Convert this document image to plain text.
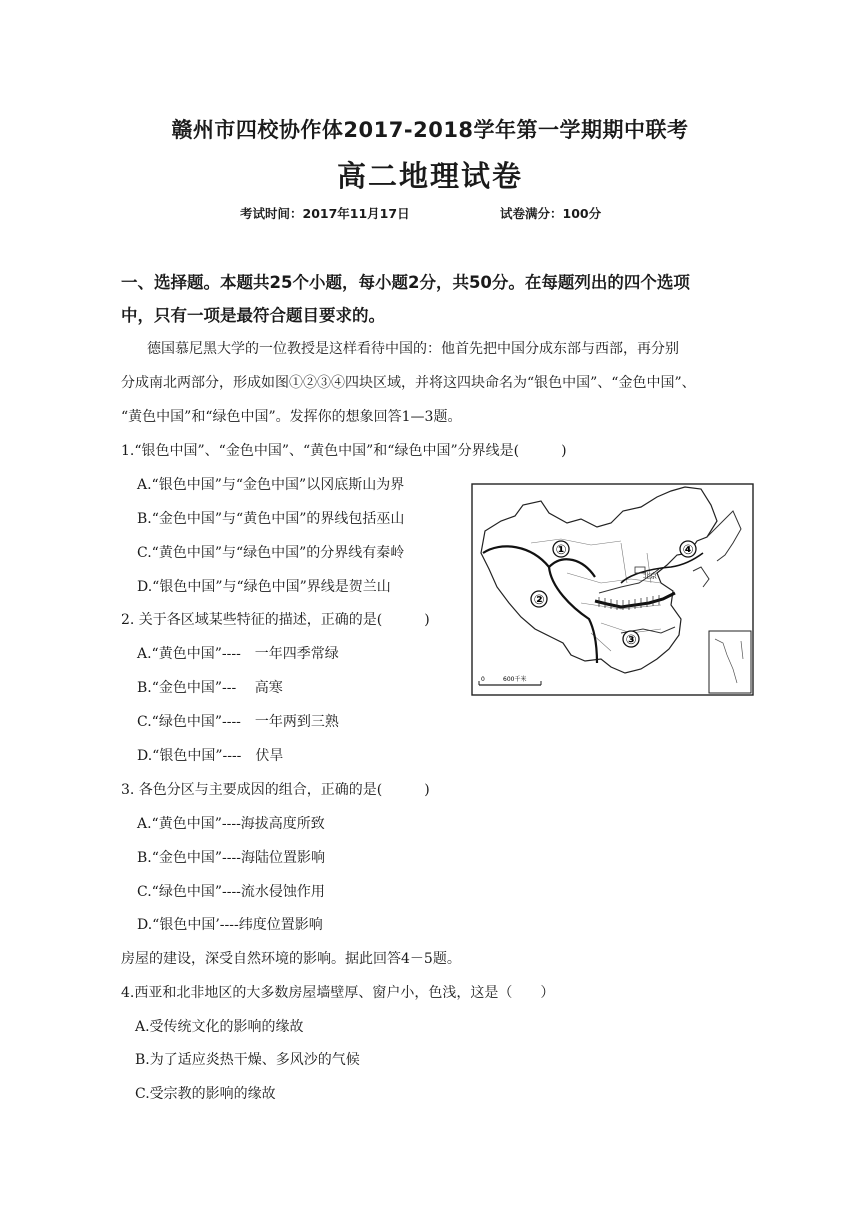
赣州市四校协作体2017-2018学年第一学期期中联考
高二地理试卷
考试时间：2017年11月17日	试卷满分：100分
一、选择题。本题共25个小题，每小题2分，共50分。在每题列出的四个选项
中，只有一项是最符合题目要求的。
德国慕尼黑大学的一位教授是这样看待中国的：他首先把中国分成东部与西部，再分别
分成南北两部分，形成如图①②③④四块区域，并将这四块命名为“银色中国”、“金色中国”、
“黄色中国”和“绿色中国”。发挥你的想象回答1—3题。
1.“银色中国”、“金色中国”、“黄色中国”和“绿色中国”分界线是(　　　)
A.“银色中国”与“金色中国”以冈底斯山为界
B.“金色中国”与“黄色中国”的界线包括巫山
C.“黄色中国”与“绿色中国”的分界线有秦岭
D.“银色中国”与“绿色中国”界线是贺兰山
2. 关于各区域某些特征的描述，正确的是(　　　)
A.“黄色中国”----　一年四季常绿
B.“金色中国”---　 高寒
C.“绿色中国”----　一年两到三熟
D.“银色中国”----　伏旱
3. 各色分区与主要成因的组合，正确的是(　　　)
A.“黄色中国”----海拔高度所致
B.“金色中国”----海陆位置影响
C.“绿色中国”----流水侵蚀作用
D.“银色中国’----纬度位置影响
房屋的建设，深受自然环境的影响。据此回答4－5题。
4.西亚和北非地区的大多数房屋墙壁厚、窗户小，色浅，这是（　　）
A.受传统文化的影响的缘故
B.为了适应炎热干燥、多风沙的气候
C.受宗教的影响的缘故
①
②
③
④
北京
0	600千米
